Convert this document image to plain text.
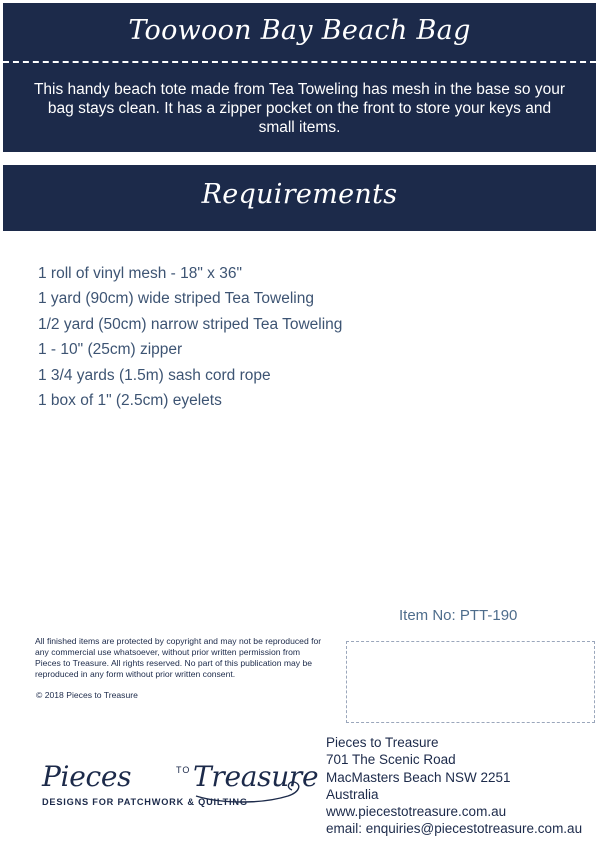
Toowoon Bay Beach Bag

This handy beach tote made from Tea Toweling has mesh in the base so your bag stays clean. It has a zipper pocket on the front to store your keys and small items.

Requirements
1 roll of vinyl mesh - 18" x 36"
1 yard (90cm) wide striped Tea Toweling
1/2 yard (50cm) narrow striped Tea Toweling
1 - 10" (25cm) zipper
1 3/4 yards (1.5m) sash cord rope
1 box of 1" (2.5cm) eyelets
Item No: PTT-190

All finished items are protected by copyright and may not be reproduced for any commercial use whatsoever, without prior written permission from Pieces to Treasure. All rights reserved. No part of this publication may be reproduced in any form without prior written consent.

© 2018 Pieces to Treasure
Pieces	TO Treasure
DESIGNS FOR PATCHWORK & QUILTING

Pieces to Treasure
701 The Scenic Road
MacMasters Beach NSW 2251
Australia
www.piecestotreasure.com.au
email: enquiries@piecestotreasure.com.au
